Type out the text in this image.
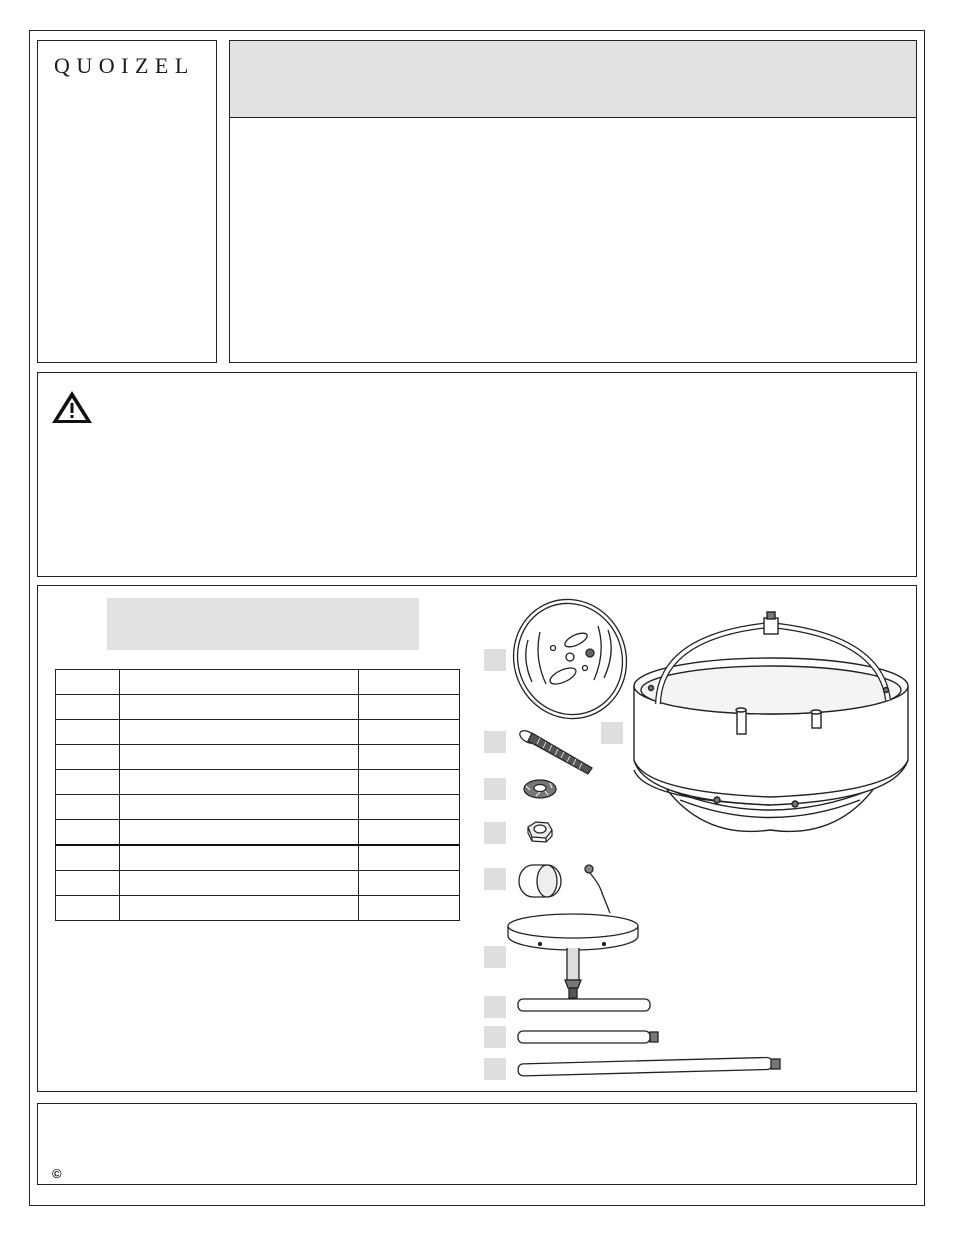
QUOIZEL

©
